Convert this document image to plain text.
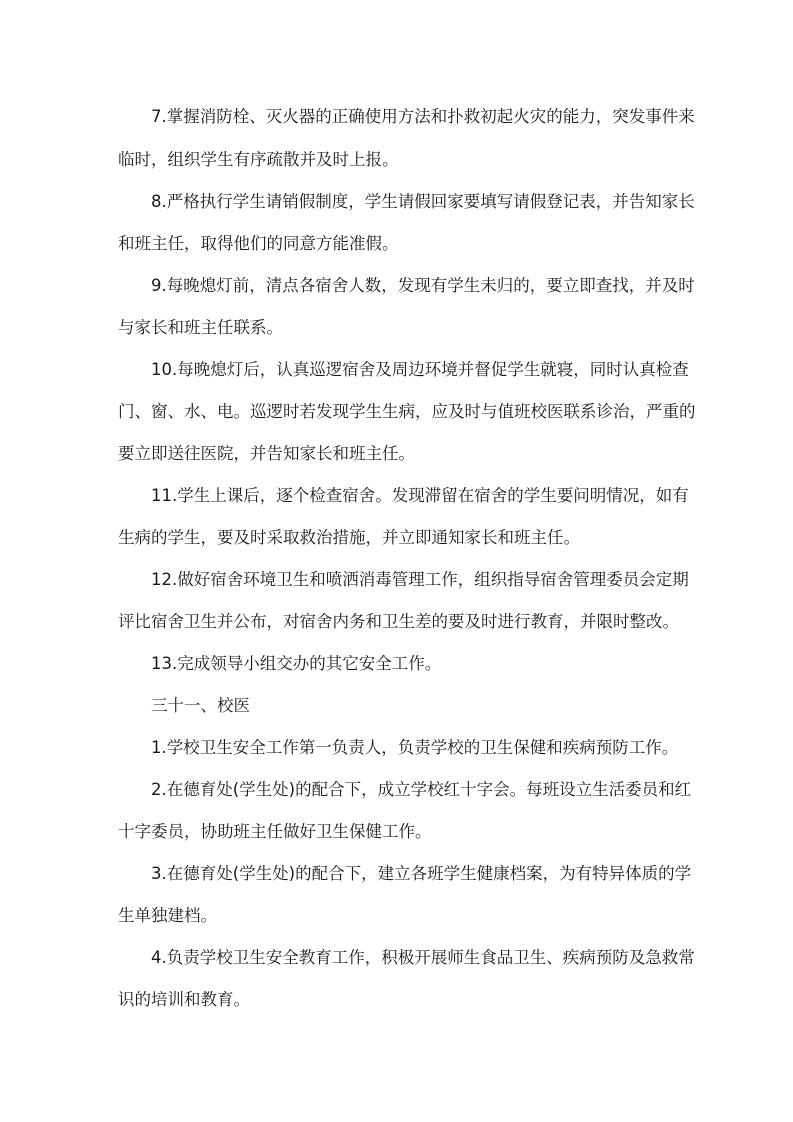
7.掌握消防栓、灭火器的正确使用方法和扑救初起火灾的能力，突发事件来

临时，组织学生有序疏散并及时上报。

8.严格执行学生请销假制度，学生请假回家要填写请假登记表，并告知家长

和班主任，取得他们的同意方能准假。

9.每晚熄灯前，清点各宿舍人数，发现有学生未归的，要立即查找，并及时

与家长和班主任联系。

10.每晚熄灯后，认真巡逻宿舍及周边环境并督促学生就寝，同时认真检查

门、窗、水、电。巡逻时若发现学生生病，应及时与值班校医联系诊治，严重的

要立即送往医院，并告知家长和班主任。

11.学生上课后，逐个检查宿舍。发现滞留在宿舍的学生要问明情况，如有

生病的学生，要及时采取救治措施，并立即通知家长和班主任。

12.做好宿舍环境卫生和喷洒消毒管理工作，组织指导宿舍管理委员会定期

评比宿舍卫生并公布，对宿舍内务和卫生差的要及时进行教育，并限时整改。

13.完成领导小组交办的其它安全工作。

三十一、校医

1.学校卫生安全工作第一负责人，负责学校的卫生保健和疾病预防工作。

2.在德育处(学生处)的配合下，成立学校红十字会。每班设立生活委员和红

十字委员，协助班主任做好卫生保健工作。

3.在德育处(学生处)的配合下，建立各班学生健康档案，为有特异体质的学

生单独建档。

4.负责学校卫生安全教育工作，积极开展师生食品卫生、疾病预防及急救常

识的培训和教育。
